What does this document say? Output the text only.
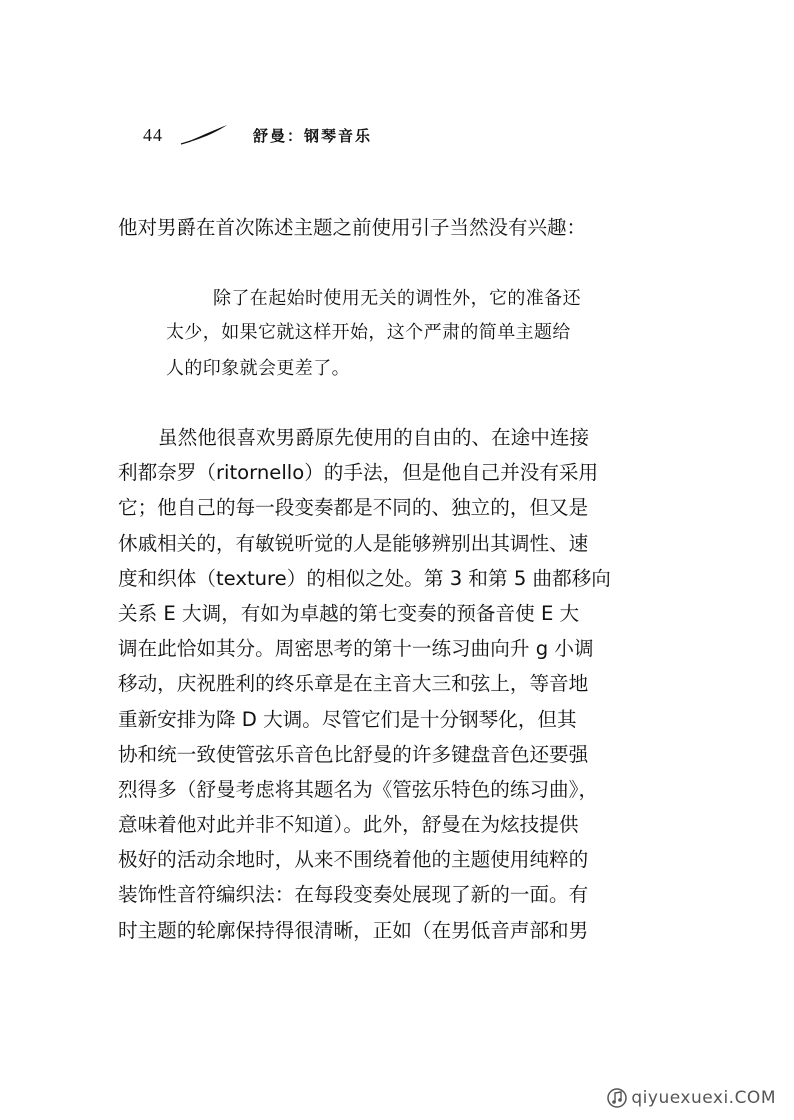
44	舒曼：钢琴音乐
他对男爵在首次陈述主题之前使用引子当然没有兴趣：
除了在起始时使用无关的调性外，它的准备还
太少，如果它就这样开始，这个严肃的简单主题给
人的印象就会更差了。
虽然他很喜欢男爵原先使用的自由的、在途中连接
利都奈罗（ritornello）的手法，但是他自己并没有采用
它；他自己的每一段变奏都是不同的、独立的，但又是
休戚相关的，有敏锐听觉的人是能够辨别出其调性、速
度和织体（texture）的相似之处。第 3 和第 5 曲都移向
关系 E 大调，有如为卓越的第七变奏的预备音使 E 大
调在此恰如其分。周密思考的第十一练习曲向升 g 小调
移动，庆祝胜利的终乐章是在主音大三和弦上，等音地
重新安排为降 D 大调。尽管它们是十分钢琴化，但其
协和统一致使管弦乐音色比舒曼的许多键盘音色还要强
烈得多（舒曼考虑将其题名为《管弦乐特色的练习曲》，
意味着他对此并非不知道）。此外，舒曼在为炫技提供
极好的活动余地时，从来不围绕着他的主题使用纯粹的
装饰性音符编织法：在每段变奏处展现了新的一面。有
时主题的轮廓保持得很清晰，正如（在男低音声部和男
qiyuexuexi.COM
